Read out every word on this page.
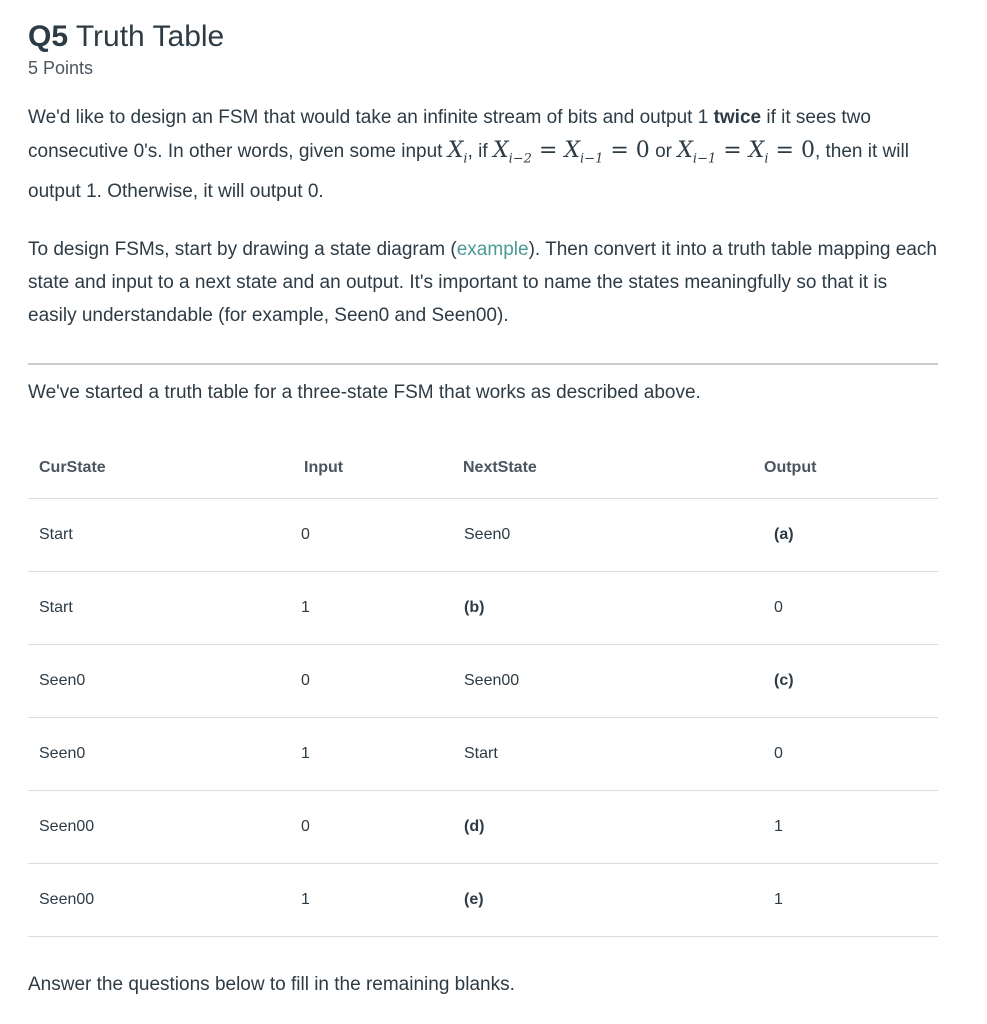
Q5 Truth Table
5 Points
We'd like to design an FSM that would take an infinite stream of bits and output 1 twice if it sees two consecutive 0's. In other words, given some input $X_i$, if $X_{i-2} = X_{i-1} = 0$ or $X_{i-1} = X_i = 0$, then it will output 1. Otherwise, it will output 0.
To design FSMs, start by drawing a state diagram (example). Then convert it into a truth table mapping each state and input to a next state and an output. It's important to name the states meaningfully so that it is easily understandable (for example, Seen0 and Seen00).
We've started a truth table for a three-state FSM that works as described above.
CurState	Input	NextState	Output
Start	0	Seen0	(a)
Start	1	(b)	0
Seen0	0	Seen00	(c)
Seen0	1	Start	0
Seen00	0	(d)	1
Seen00	1	(e)	1
Answer the questions below to fill in the remaining blanks.
